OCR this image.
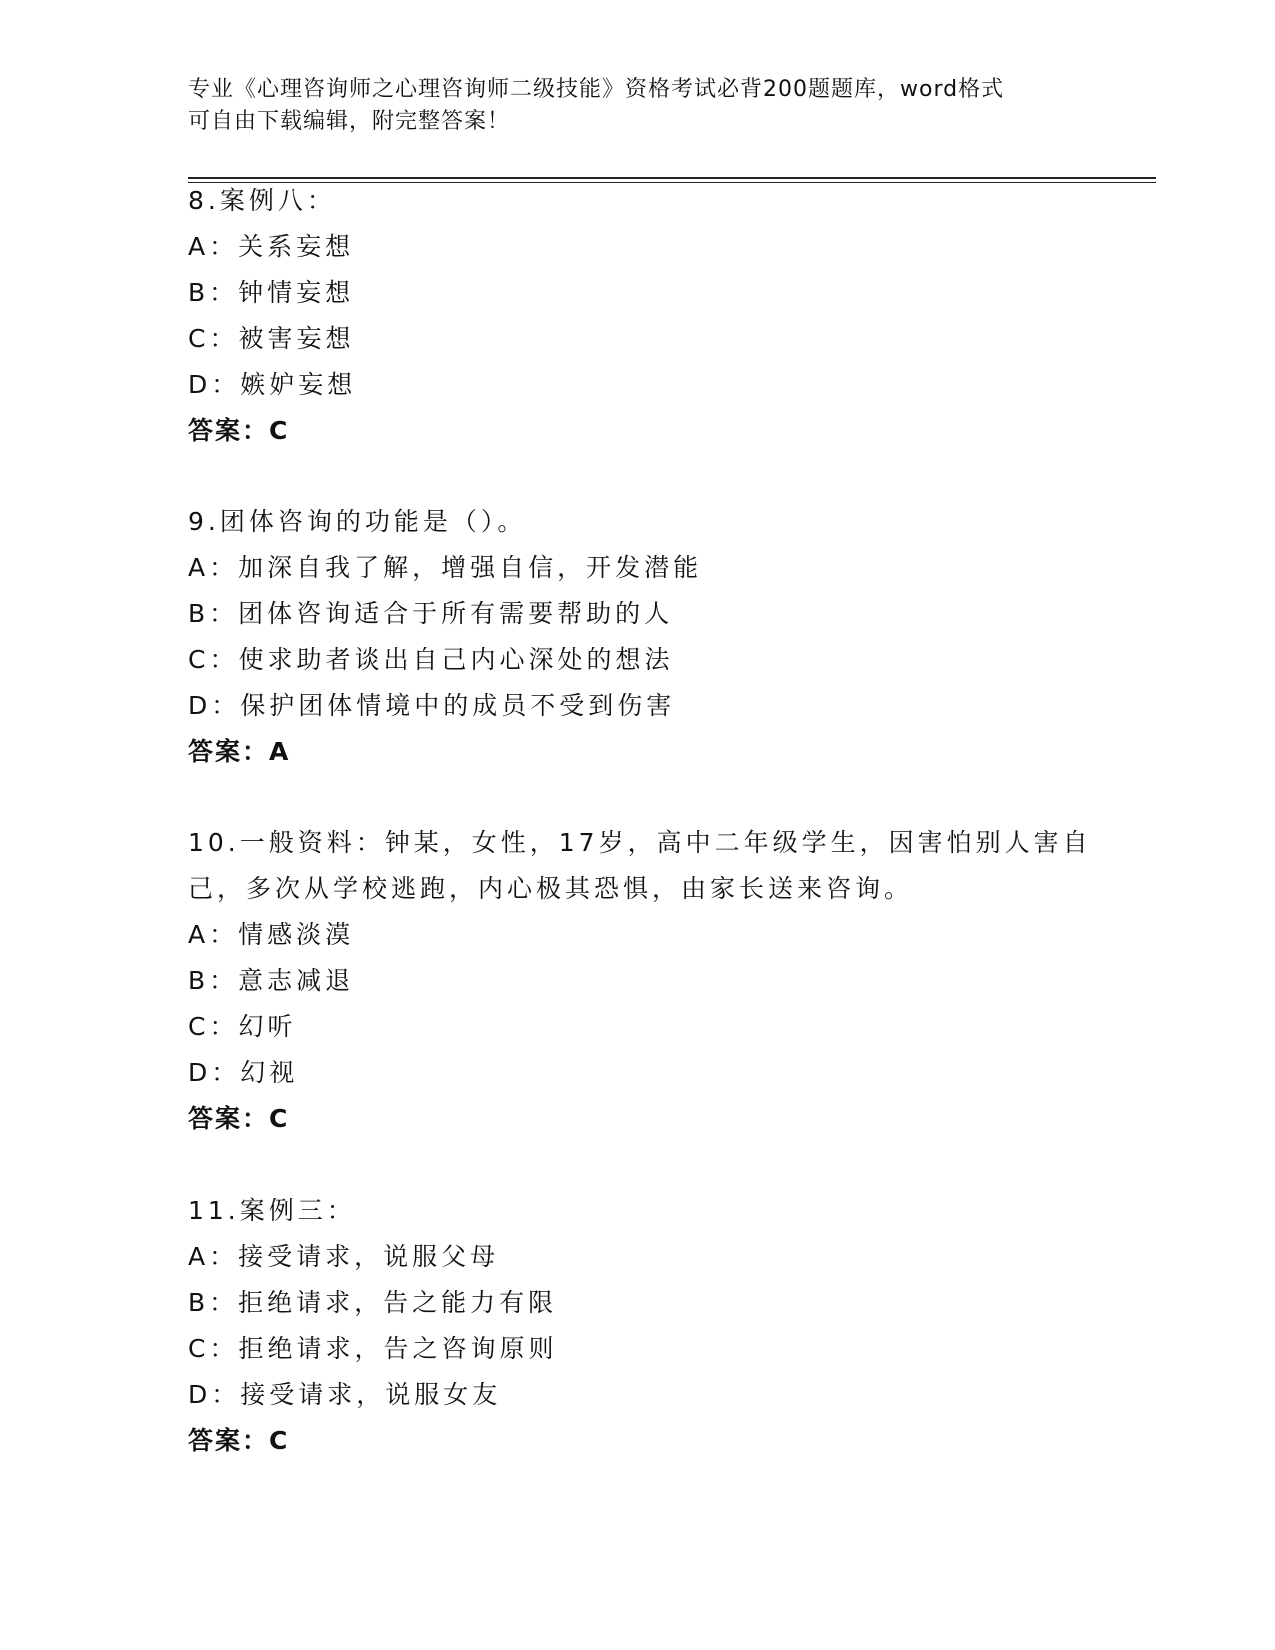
专业《心理咨询师之心理咨询师二级技能》资格考试必背200题题库，word格式
可自由下载编辑，附完整答案！
8.案例八：
A：关系妄想
B：钟情妄想
C：被害妄想
D：嫉妒妄想
答案：C
9.团体咨询的功能是（）。
A：加深自我了解，增强自信，开发潜能
B：团体咨询适合于所有需要帮助的人
C：使求助者谈出自己内心深处的想法
D：保护团体情境中的成员不受到伤害
答案：A
10.一般资料：钟某，女性，17岁，高中二年级学生，因害怕别人害自
己，多次从学校逃跑，内心极其恐惧，由家长送来咨询。
A：情感淡漠
B：意志减退
C：幻听
D：幻视
答案：C
11.案例三：
A：接受请求，说服父母
B：拒绝请求，告之能力有限
C：拒绝请求，告之咨询原则
D：接受请求，说服女友
答案：C
